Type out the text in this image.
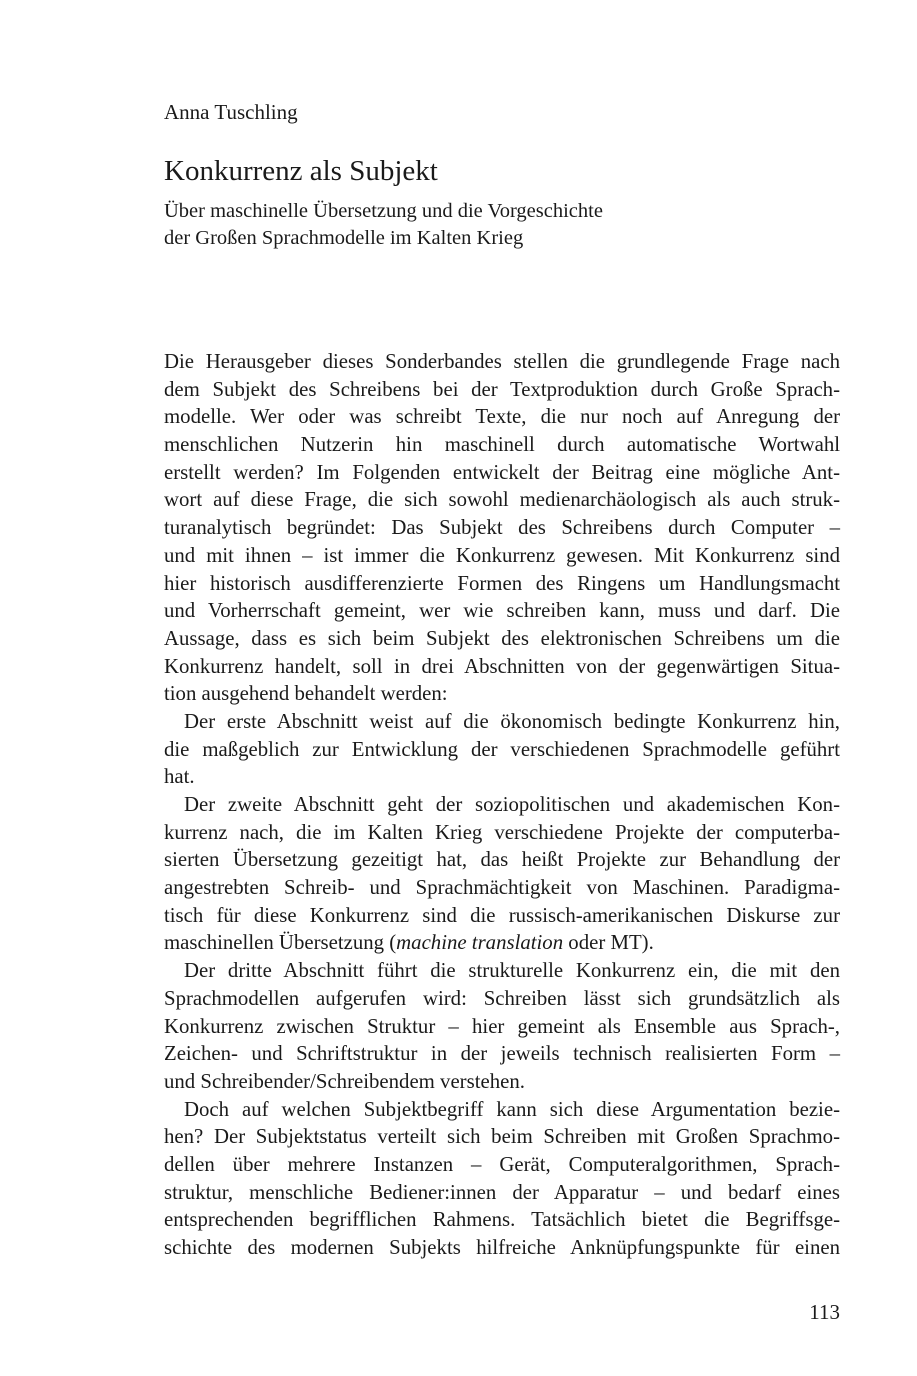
Anna Tuschling
Konkurrenz als Subjekt
Über maschinelle Übersetzung und die Vorgeschichte
der Großen Sprachmodelle im Kalten Krieg
Die Herausgeber dieses Sonderbandes stellen die grundlegende Frage nach
dem Subjekt des Schreibens bei der Textproduktion durch Große Sprach-
modelle. Wer oder was schreibt Texte, die nur noch auf Anregung der
menschlichen Nutzerin hin maschinell durch automatische Wortwahl
erstellt werden? Im Folgenden entwickelt der Beitrag eine mögliche Ant-
wort auf diese Frage, die sich sowohl medienarchäologisch als auch struk-
turanalytisch begründet: Das Subjekt des Schreibens durch Computer –
und mit ihnen – ist immer die Konkurrenz gewesen. Mit Konkurrenz sind
hier historisch ausdifferenzierte Formen des Ringens um Handlungsmacht
und Vorherrschaft gemeint, wer wie schreiben kann, muss und darf. Die
Aussage, dass es sich beim Subjekt des elektronischen Schreibens um die
Konkurrenz handelt, soll in drei Abschnitten von der gegenwärtigen Situa-
tion ausgehend behandelt werden:
Der erste Abschnitt weist auf die ökonomisch bedingte Konkurrenz hin,
die maßgeblich zur Entwicklung der verschiedenen Sprachmodelle geführt
hat.
Der zweite Abschnitt geht der soziopolitischen und akademischen Kon-
kurrenz nach, die im Kalten Krieg verschiedene Projekte der computerba-
sierten Übersetzung gezeitigt hat, das heißt Projekte zur Behandlung der
angestrebten Schreib- und Sprachmächtigkeit von Maschinen. Paradigma-
tisch für diese Konkurrenz sind die russisch-amerikanischen Diskurse zur
maschinellen Übersetzung (machine translation oder MT).
Der dritte Abschnitt führt die strukturelle Konkurrenz ein, die mit den
Sprachmodellen aufgerufen wird: Schreiben lässt sich grundsätzlich als
Konkurrenz zwischen Struktur – hier gemeint als Ensemble aus Sprach-,
Zeichen- und Schriftstruktur in der jeweils technisch realisierten Form –
und Schreibender/Schreibendem verstehen.
Doch auf welchen Subjektbegriff kann sich diese Argumentation bezie-
hen? Der Subjektstatus verteilt sich beim Schreiben mit Großen Sprachmo-
dellen über mehrere Instanzen – Gerät, Computeralgorithmen, Sprach-
struktur, menschliche Bediener:innen der Apparatur – und bedarf eines
entsprechenden begrifflichen Rahmens. Tatsächlich bietet die Begriffsge-
schichte des modernen Subjekts hilfreiche Anknüpfungspunkte für einen
113
